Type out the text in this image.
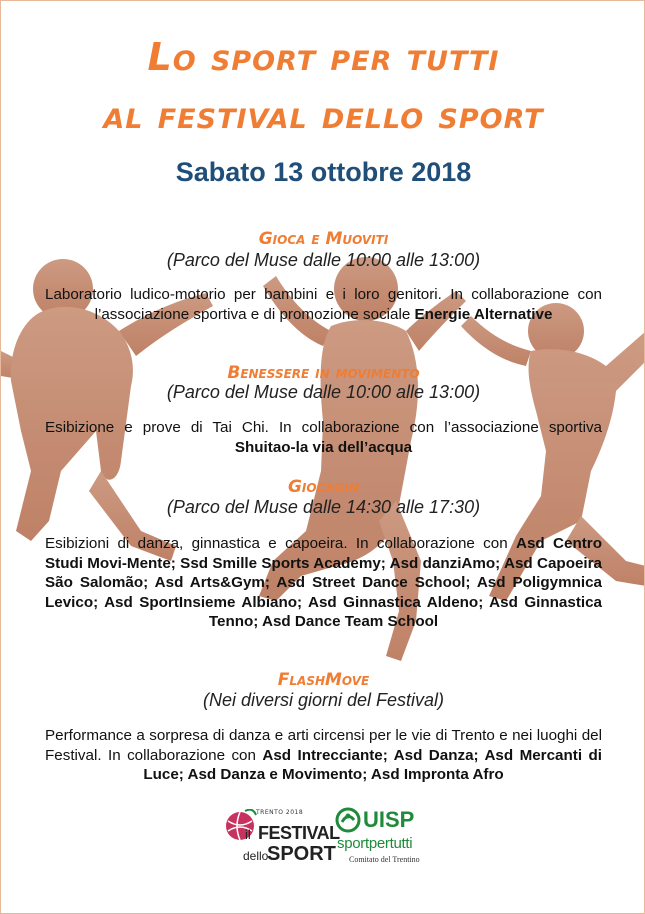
Lo sport per tutti
al festival dello sport
Sabato 13 ottobre 2018
Gioca e Muoviti
(Parco del Muse dalle 10:00 alle 13:00)
Laboratorio ludico-motorio per bambini e i loro genitori. In collaborazione con l’associazione sportiva e di promozione sociale Energie Alternative
Benessere in movimento
(Parco del Muse dalle 10:00 alle 13:00)
Esibizione e prove di Tai Chi. In collaborazione con l’associazione sportiva Shuitao-la via dell’acqua
Giocagin
(Parco del Muse dalle 14:30 alle 17:30)
Esibizioni di danza, ginnastica e capoeira. In collaborazione con Asd Centro Studi Movi-Mente; Ssd Smille Sports Academy; Asd danziAmo; Asd Capoeira São Salomão; Asd Arts&Gym; Asd Street Dance School; Asd Poligymnica Levico; Asd SportInsieme Albiano; Asd Ginnastica Aldeno; Asd Ginnastica Tenno; Asd Dance Team School
FlashMove
(Nei diversi giorni del Festival)
Performance a sorpresa di danza e arti circensi per le vie di Trento e nei luoghi del Festival. In collaborazione con Asd Intrecciante; Asd Danza; Asd Mercanti di Luce; Asd Danza e Movimento; Asd Impronta Afro
TRENTO 2018
il FESTIVAL
dello
SPORT
UISP
sportpertutti
Comitato del Trentino
